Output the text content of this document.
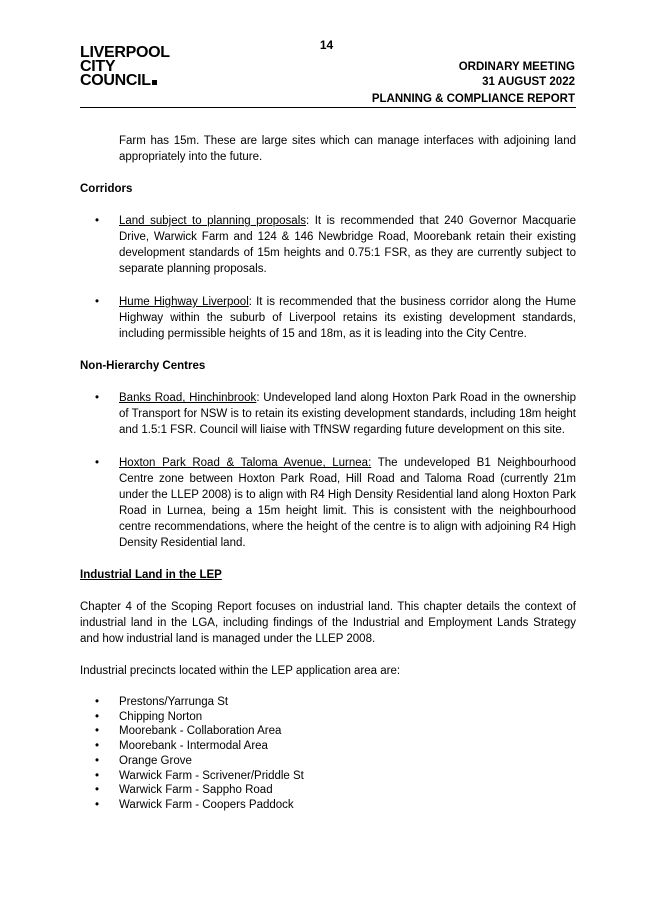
14
LIVERPOOL
CITY
COUNCIL
ORDINARY MEETING
31 AUGUST 2022
PLANNING & COMPLIANCE REPORT

Farm has 15m. These are large sites which can manage interfaces with adjoining land appropriately into the future.

Corridors

• Land subject to planning proposals: It is recommended that 240 Governor Macquarie Drive, Warwick Farm and 124 & 146 Newbridge Road, Moorebank retain their existing development standards of 15m heights and 0.75:1 FSR, as they are currently subject to separate planning proposals.
• Hume Highway Liverpool: It is recommended that the business corridor along the Hume Highway within the suburb of Liverpool retains its existing development standards, including permissible heights of 15 and 18m, as it is leading into the City Centre.

Non-Hierarchy Centres

• Banks Road, Hinchinbrook: Undeveloped land along Hoxton Park Road in the ownership of Transport for NSW is to retain its existing development standards, including 18m height and 1.5:1 FSR. Council will liaise with TfNSW regarding future development on this site.
• Hoxton Park Road & Taloma Avenue, Lurnea: The undeveloped B1 Neighbourhood Centre zone between Hoxton Park Road, Hill Road and Taloma Road (currently 21m under the LLEP 2008) is to align with R4 High Density Residential land along Hoxton Park Road in Lurnea, being a 15m height limit. This is consistent with the neighbourhood centre recommendations, where the height of the centre is to align with adjoining R4 High Density Residential land.

Industrial Land in the LEP

Chapter 4 of the Scoping Report focuses on industrial land. This chapter details the context of industrial land in the LGA, including findings of the Industrial and Employment Lands Strategy and how industrial land is managed under the LLEP 2008.

Industrial precincts located within the LEP application area are:

• Prestons/Yarrunga St
• Chipping Norton
• Moorebank - Collaboration Area
• Moorebank - Intermodal Area
• Orange Grove
• Warwick Farm - Scrivener/Priddle St
• Warwick Farm - Sappho Road
• Warwick Farm - Coopers Paddock
